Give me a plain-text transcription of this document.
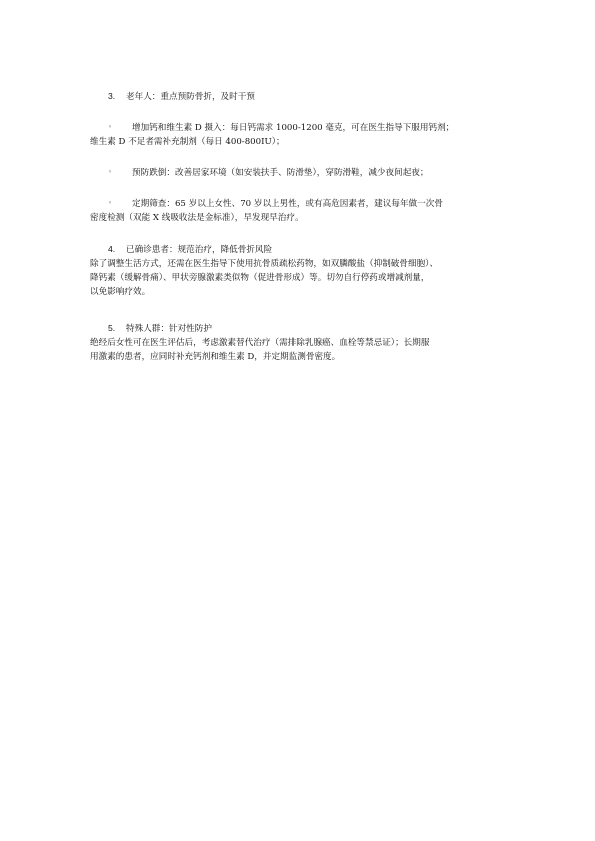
3. 老年人：重点预防骨折，及时干预
◦ 增加钙和维生素 D 摄入：每日钙需求 1000-1200 毫克，可在医生指导下服用钙剂；
维生素 D 不足者需补充制剂（每日 400-800IU）；
◦ 预防跌倒：改善居家环境（如安装扶手、防滑垫），穿防滑鞋，减少夜间起夜；
◦ 定期筛查：65 岁以上女性、70 岁以上男性，或有高危因素者，建议每年做一次骨
密度检测（双能 X 线吸收法是金标准），早发现早治疗。
4. 已确诊患者：规范治疗，降低骨折风险
除了调整生活方式，还需在医生指导下使用抗骨质疏松药物，如双膦酸盐（抑制破骨细胞）、
降钙素（缓解骨痛）、甲状旁腺激素类似物（促进骨形成）等。切勿自行停药或增减剂量，
以免影响疗效。
5. 特殊人群：针对性防护
绝经后女性可在医生评估后，考虑激素替代治疗（需排除乳腺癌、血栓等禁忌证）；长期服
用激素的患者，应同时补充钙剂和维生素 D，并定期监测骨密度。
